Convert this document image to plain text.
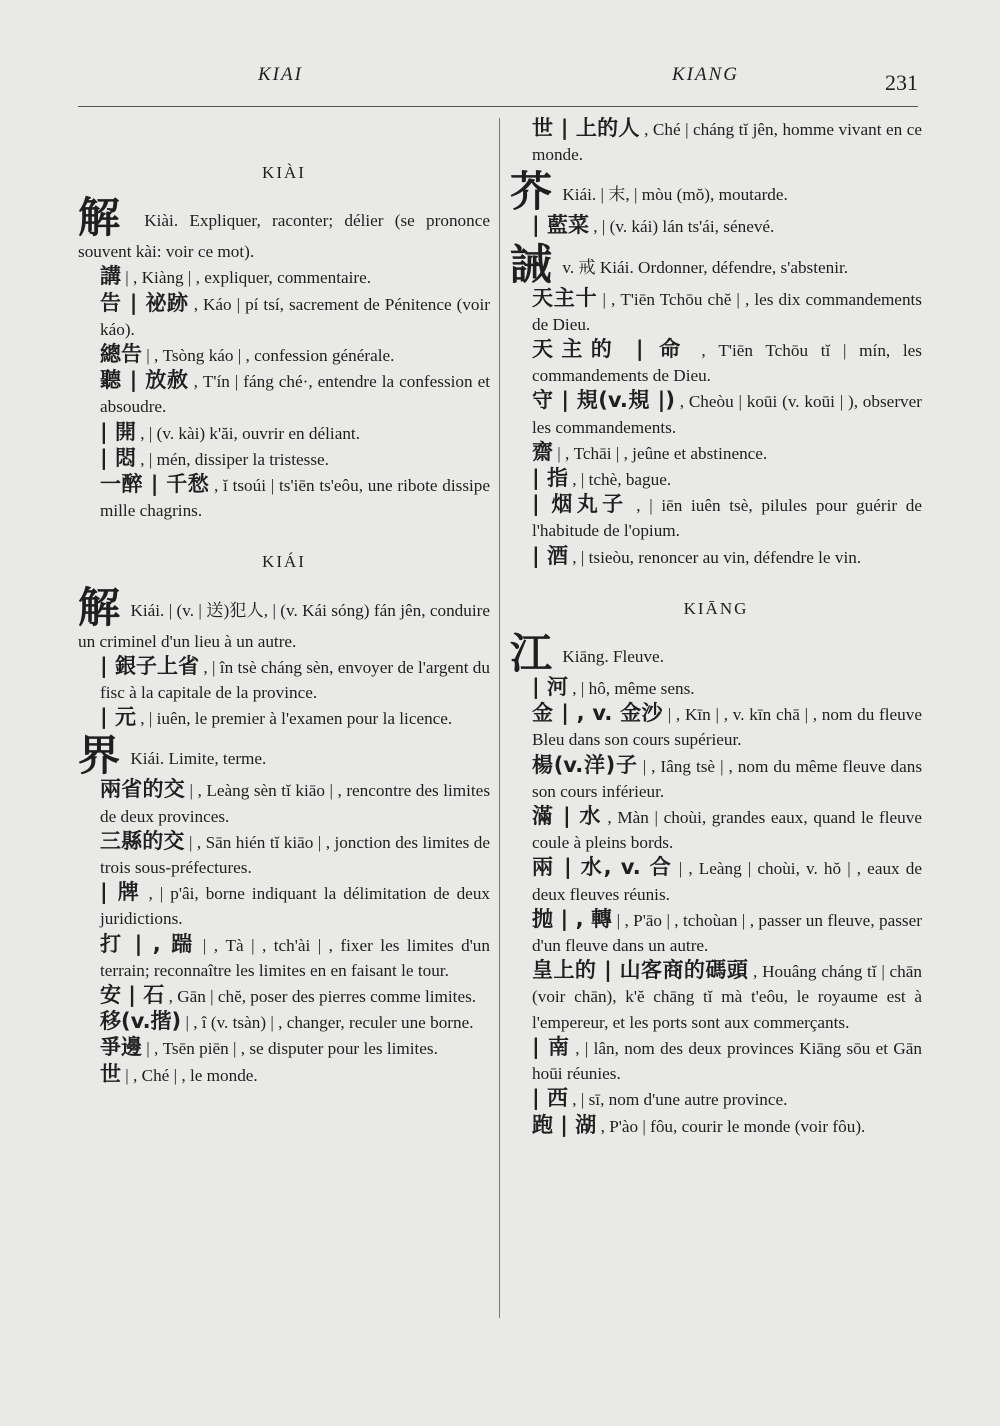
KIAI	KIANG	231

KIÀI

解 Kiài. Expliquer, raconter; délier (se prononce souvent kài: voir ce mot).

講 | , Kiàng | , expliquer, commentaire.

告 | 祕跡 , Káo | pí tsí, sacrement de Pénitence (voir káo).

總告 | , Tsòng káo | , confession générale.

聽 | 放赦 , T'ín | fáng ché·, entendre la confession et absoudre.

| 開 , | (v. kài) k'ăi, ouvrir en déliant.

| 悶 , | mén, dissiper la tristesse.

一醉 | 千愁 , ĭ tsoúi | ts'iēn ts'eôu, une ribote dissipe mille chagrins.

KIÁI

解 Kiái. | (v. | 送)犯人, | (v. Kái sóng) fán jên, conduire un criminel d'un lieu à un autre.

| 銀子上省 , | în tsè cháng sèn, envoyer de l'argent du fisc à la capitale de la province.

| 元 , | iuên, le premier à l'examen pour la licence.

界 Kiái. Limite, terme.

兩省的交 | , Leàng sèn tĭ kiāo | , rencontre des limites de deux provinces.

三縣的交 | , Sān hién tĭ kiāo | , jonction des limites de trois sous-préfectures.

| 牌 , | p'âi, borne indiquant la délimitation de deux juridictions.

打 | , 踹 | , Tà | , tch'ài | , fixer les limites d'un terrain; reconnaître les limites en en faisant le tour.

安 | 石 , Gān | chĕ, poser des pierres comme limites.

移(v.揩) | , î (v. tsàn) | , changer, reculer une borne.

爭邊 | , Tsēn piēn | , se disputer pour les limites.

世 | , Ché | , le monde.

世 | 上的人 , Ché | cháng tĭ jên, homme vivant en ce monde.

芥 Kiái. | 末, | mòu (mŏ), moutarde.

| 藍菜 , | (v. kái) lán ts'ái, sénevé.

誡 v. 戒 Kiái. Ordonner, défendre, s'abstenir.

天主十 | , T'iēn Tchōu chĕ | , les dix commandements de Dieu.

天主的 | 命 , T'iēn Tchōu tĭ | mín, les commandements de Dieu.

守 | 規(v.規 |) , Cheòu | koūi (v. koūi | ), observer les commandements.

齋 | , Tchāi | , jeûne et abstinence.

| 指 , | tchè, bague.

| 烟丸子 , | iēn iuên tsè, pilules pour guérir de l'habitude de l'opium.

| 酒 , | tsieòu, renoncer au vin, défendre le vin.

KIĀNG

江 Kiāng. Fleuve.

| 河 , | hô, même sens.

金 | , v. 金沙 | , Kīn | , v. kīn chā | , nom du fleuve Bleu dans son cours supérieur.

楊(v.洋)子 | , Iâng tsè | , nom du même fleuve dans son cours inférieur.

滿 | 水 , Màn | choùi, grandes eaux, quand le fleuve coule à pleins bords.

兩 | 水, v. 合 | , Leàng | choùi, v. hŏ | , eaux de deux fleuves réunis.

抛 | , 轉 | , P'āo | , tchoùan | , passer un fleuve, passer d'un fleuve dans un autre.

皇上的 | 山客商的碼頭 , Houâng cháng tĭ | chān (voir chān), k'ĕ chāng tĭ mà t'eôu, le royaume est à l'empereur, et les ports sont aux commerçants.

| 南 , | lân, nom des deux provinces Kiāng sōu et Gān hoūi réunies.

| 西 , | sī, nom d'une autre province.

跑 | 湖 , P'ào | fôu, courir le monde (voir fôu).
